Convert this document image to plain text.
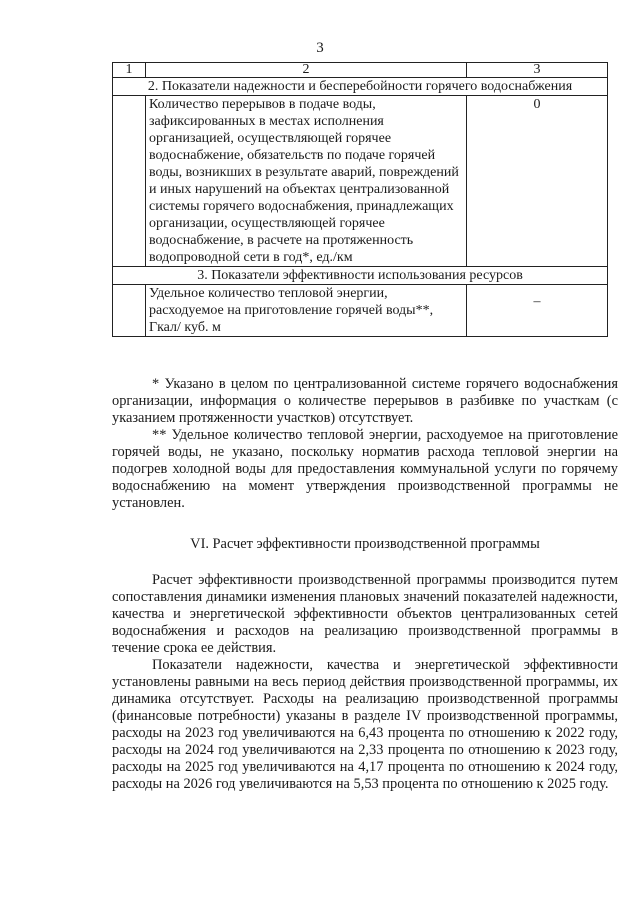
3
1	2	3
2. Показатели надежности и бесперебойности горячего водоснабжения		
	Количество перерывов в подаче воды, зафиксированных в местах исполнения организацией, осуществляющей горячее водоснабжение, обязательств по подаче горячей воды, возникших в результате аварий, повреждений и иных нарушений на объектах централизованной системы горячего водоснабжения, принадлежащих организации, осуществляющей горячее водоснабжение, в расчете на протяженность водопроводной сети в год*, ед./км	0
3. Показатели эффективности использования ресурсов		
	Удельное количество тепловой энергии, расходуемое на приготовление горячей воды**, Гкал/ куб. м	–

* Указано в целом по централизованной системе горячего водоснабжения организации, информация о количестве перерывов в разбивке по участкам (с указанием протяженности участков) отсутствует.

** Удельное количество тепловой энергии, расходуемое на приготовление горячей воды, не указано, поскольку норматив расхода тепловой энергии на подогрев холодной воды для предоставления коммунальной услуги по горячему водоснабжению на момент утверждения производственной программы не установлен.

VI. Расчет эффективности производственной программы

Расчет эффективности производственной программы производится путем сопоставления динамики изменения плановых значений показателей надежности, качества и энергетической эффективности объектов централизованных сетей водоснабжения и расходов на реализацию производственной программы в течение срока ее действия.

Показатели надежности, качества и энергетической эффективности установлены равными на весь период действия производственной программы, их динамика отсутствует. Расходы на реализацию производственной программы (финансовые потребности) указаны в разделе IV производственной программы, расходы на 2023 год увеличиваются на 6,43 процента по отношению к 2022 году, расходы на 2024 год увеличиваются на 2,33 процента по отношению к 2023 году, расходы на 2025 год увеличиваются на 4,17 процента по отношению к 2024 году, расходы на 2026 год увеличиваются на 5,53 процента по отношению к 2025 году.
